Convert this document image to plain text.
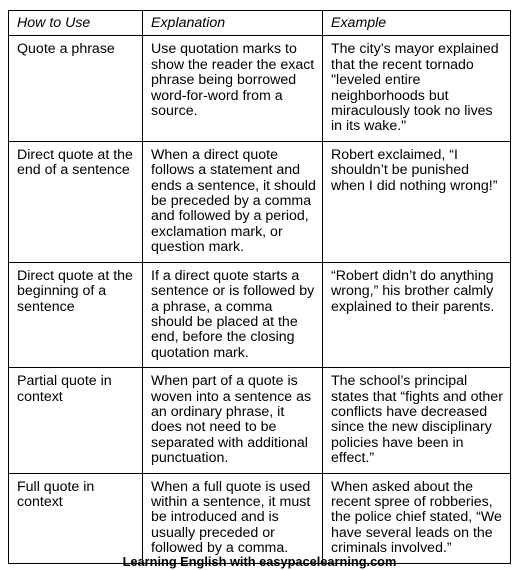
How to Use	Explanation	Example
Quote a phrase	Use quotation marks to show the reader the exact phrase being borrowed word-for-word from a source.	The city’s mayor explained that the recent tornado "leveled entire neighborhoods but miraculously took no lives in its wake."
Direct quote at the end of a sentence	When a direct quote follows a statement and ends a sentence, it should be preceded by a comma and followed by a period, exclamation mark, or question mark.	Robert exclaimed, “I shouldn’t be punished when I did nothing wrong!”
Direct quote at the beginning of a sentence	If a direct quote starts a sentence or is followed by a phrase, a comma should be placed at the end, before the closing quotation mark.	“Robert didn’t do anything wrong,” his brother calmly explained to their parents.
Partial quote in context	When part of a quote is woven into a sentence as an ordinary phrase, it does not need to be separated with additional punctuation.	The school’s principal states that “fights and other conflicts have decreased since the new disciplinary policies have been in effect.”
Full quote in context	When a full quote is used within a sentence, it must be introduced and is usually preceded or followed by a comma.	When asked about the recent spree of robberies, the police chief stated, “We have several leads on the criminals involved.”
Learning English with easypacelearning.com
